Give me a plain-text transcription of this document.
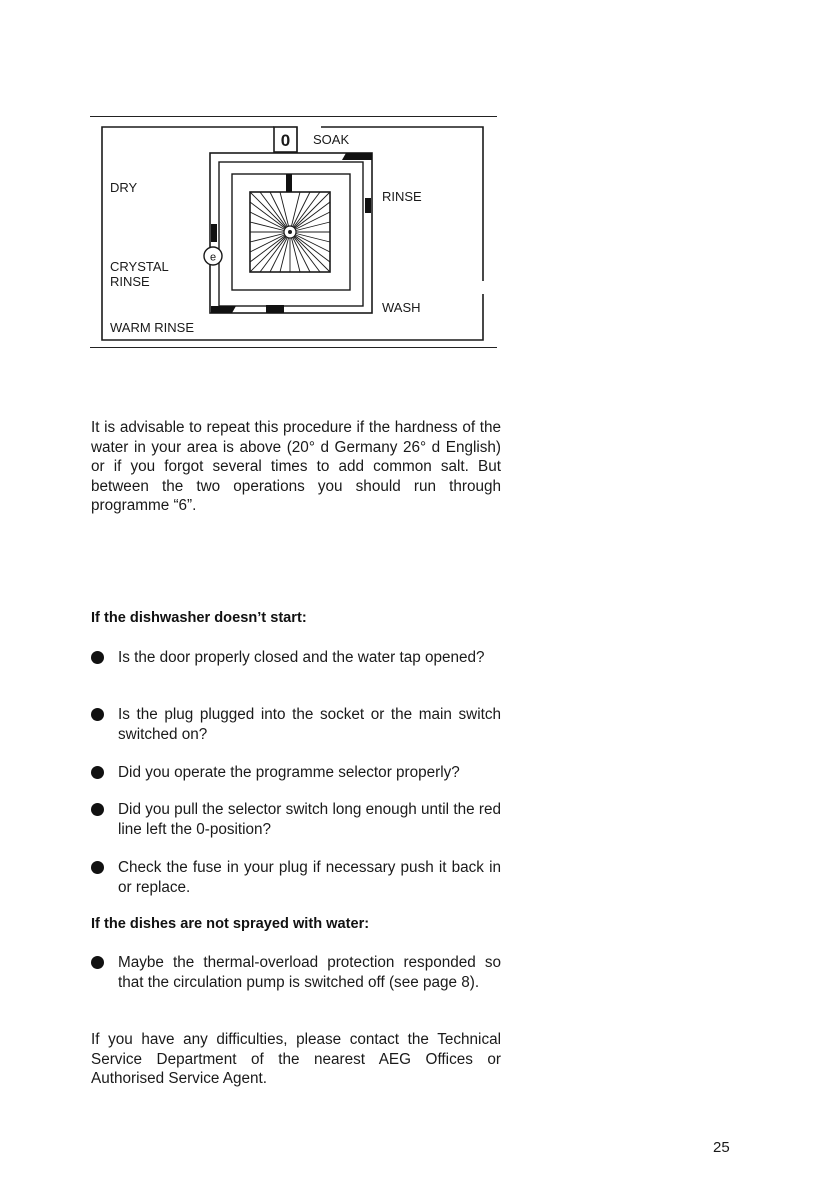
0 SOAK
e
DRY
RINSE
CRYSTAL
RINSE
WASH
WARM RINSE

It is advisable to repeat this procedure if the hardness of the water in your area is above (20° d Germany 26° d English) or if you forgot several times to add common salt. But between the two operations you should run through programme “6”.

If the dishwasher doesn’t start:

Is the door properly closed and the water tap opened?
Is the plug plugged into the socket or the main switch switched on?
Did you operate the programme selector properly?
Did you pull the selector switch long enough until the red line left the 0-position?
Check the fuse in your plug if necessary push it back in or replace.

If the dishes are not sprayed with water:

Maybe the thermal-overload protection responded so that the circulation pump is switched off (see page 8).

If you have any difficulties, please contact the Technical Service Department of the nearest AEG Offices or Authorised Service Agent.

25
